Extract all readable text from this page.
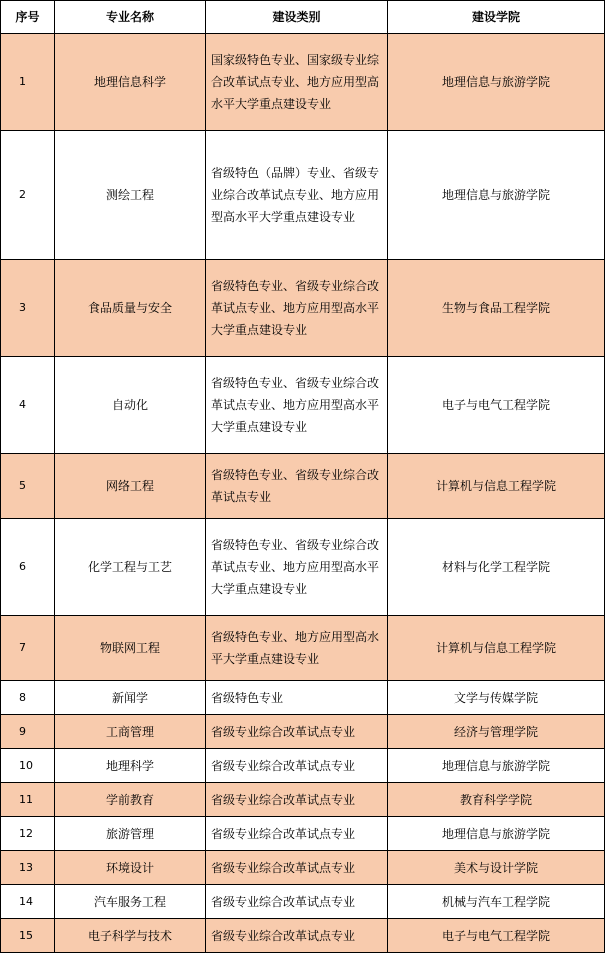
序号	专业名称	建设类别	建设学院
1	地理信息科学	国家级特色专业、国家级专业综合改革试点专业、地方应用型高水平大学重点建设专业	地理信息与旅游学院
2	测绘工程	省级特色（品牌）专业、省级专业综合改革试点专业、地方应用型高水平大学重点建设专业	地理信息与旅游学院
3	食品质量与安全	省级特色专业、省级专业综合改革试点专业、地方应用型高水平大学重点建设专业	生物与食品工程学院
4	自动化	省级特色专业、省级专业综合改革试点专业、地方应用型高水平大学重点建设专业	电子与电气工程学院
5	网络工程	省级特色专业、省级专业综合改革试点专业	计算机与信息工程学院
6	化学工程与工艺	省级特色专业、省级专业综合改革试点专业、地方应用型高水平大学重点建设专业	材料与化学工程学院
7	物联网工程	省级特色专业、地方应用型高水平大学重点建设专业	计算机与信息工程学院
8	新闻学	省级特色专业	文学与传媒学院
9	工商管理	省级专业综合改革试点专业	经济与管理学院
10	地理科学	省级专业综合改革试点专业	地理信息与旅游学院
11	学前教育	省级专业综合改革试点专业	教育科学学院
12	旅游管理	省级专业综合改革试点专业	地理信息与旅游学院
13	环境设计	省级专业综合改革试点专业	美术与设计学院
14	汽车服务工程	省级专业综合改革试点专业	机械与汽车工程学院
15	电子科学与技术	省级专业综合改革试点专业	电子与电气工程学院
